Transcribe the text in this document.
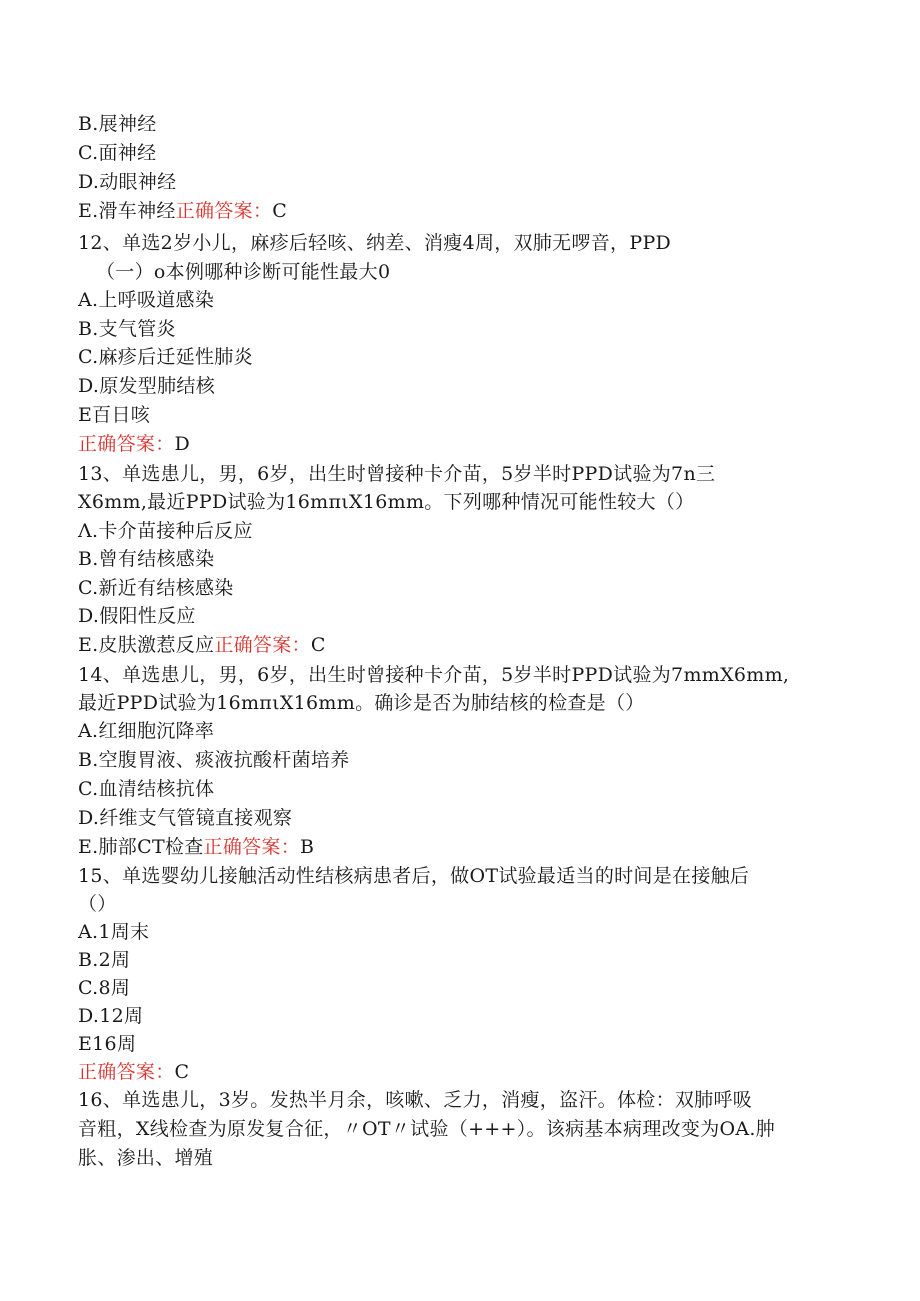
B.展神经
C.面神经
D.动眼神经
E.滑车神经正确答案：C
12、单选2岁小儿，麻疹后轻咳、纳差、消瘦4周，双肺无啰音，PPD
（一）o本例哪种诊断可能性最大0
A.上呼吸道感染
B.支气管炎
C.麻疹后迁延性肺炎
D.原发型肺结核
E百日咳
正确答案：D
13、单选患儿，男，6岁，出生时曾接种卡介苗，5岁半时PPD试验为7n三
X6mm,最近PPD试验为16mπιX16mm。下列哪种情况可能性较大（）
Λ.卡介苗接种后反应
B.曾有结核感染
C.新近有结核感染
D.假阳性反应
E.皮肤激惹反应正确答案：C
14、单选患儿，男，6岁，出生时曾接种卡介苗，5岁半时PPD试验为7mmX6mm,
最近PPD试验为16mπιX16mm。确诊是否为肺结核的检查是（）
A.红细胞沉降率
B.空腹胃液、痰液抗酸杆菌培养
C.血清结核抗体
D.纤维支气管镜直接观察
E.肺部CT检查正确答案：B
15、单选婴幼儿接触活动性结核病患者后，做OT试验最适当的时间是在接触后
（）
A.1周末
B.2周
C.8周
D.12周
E16周
正确答案：C
16、单选患儿，3岁。发热半月余，咳嗽、乏力，消瘦，盗汗。体检：双肺呼吸
音粗，X线检查为原发复合征，〃OT〃试验（+++）。该病基本病理改变为OA.肿
胀、渗出、增殖
